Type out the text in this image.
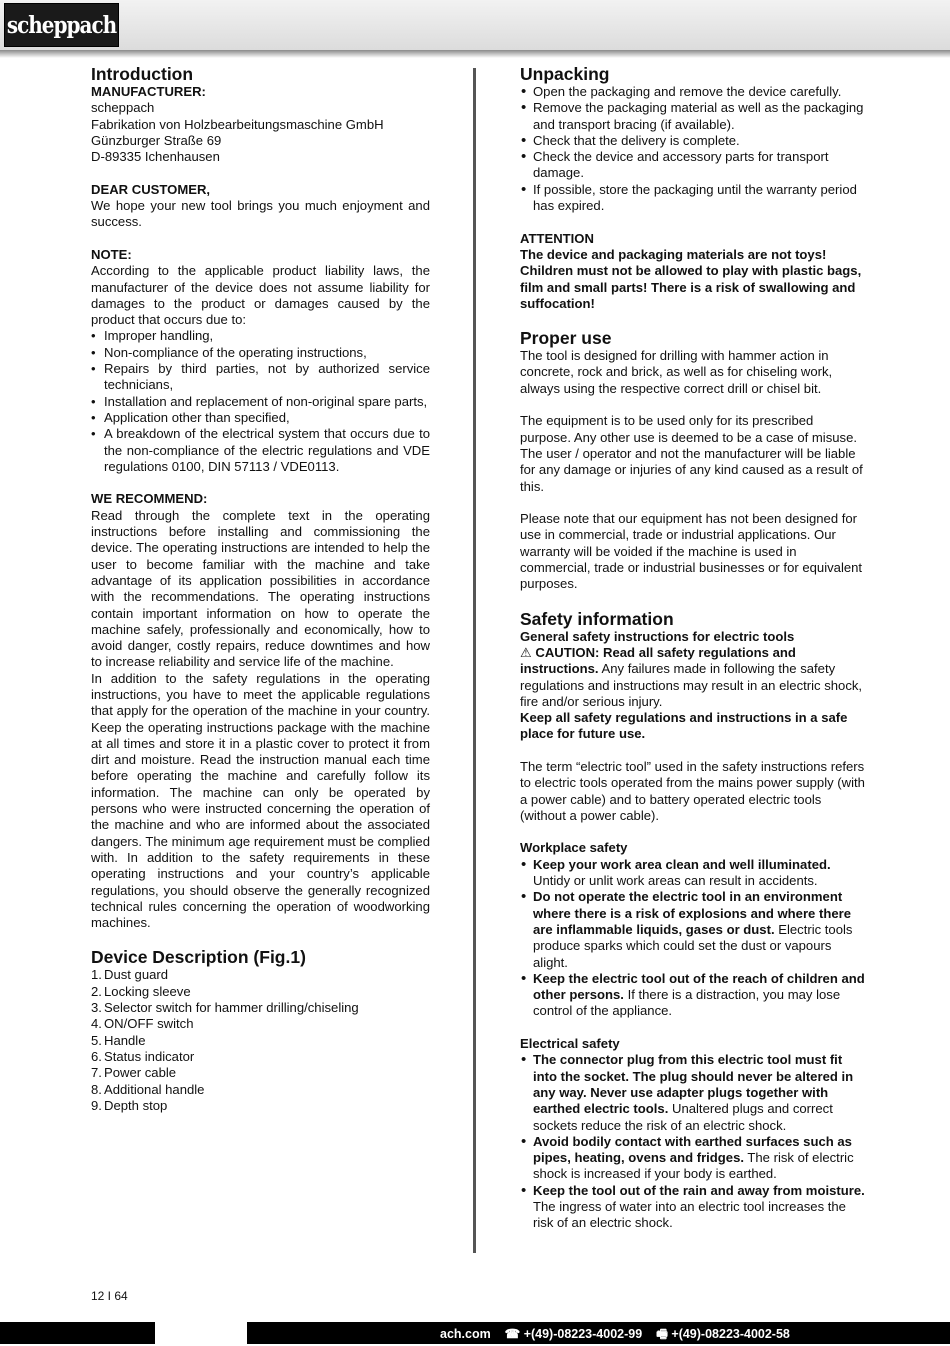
scheppach
Introduction

MANUFACTURER:

scheppach

Fabrikation von Holzbearbeitungsmaschine GmbH

Günzburger Straße 69

D-89335 Ichenhausen

DEAR CUSTOMER,

We hope your new tool brings you much enjoyment and success.

NOTE:

According to the applicable product liability laws, the manufacturer of the device does not assume liability for damages to the product or damages caused by the product that occurs due to:

• Improper handling,
• Non-compliance of the operating instructions,
• Repairs by third parties, not by authorized service technicians,
• Installation and replacement of non-original spare parts,
• Application other than specified,
• A breakdown of the electrical system that occurs due to the non-compliance of the electric regulations and VDE regulations 0100, DIN 57113 / VDE0113.

WE RECOMMEND:

Read through the complete text in the operating instructions before installing and commissioning the device. The operating instructions are intended to help the user to become familiar with the machine and take advantage of its application possibilities in accordance with the recommendations. The operating instructions contain important information on how to operate the machine safely, professionally and economically, how to avoid danger, costly repairs, reduce downtimes and how to increase reliability and service life of the machine.

In addition to the safety regulations in the operating instructions, you have to meet the applicable regulations that apply for the operation of the machine in your country. Keep the operating instructions package with the machine at all times and store it in a plastic cover to protect it from dirt and moisture. Read the instruction manual each time before operating the machine and carefully follow its information. The machine can only be operated by persons who were instructed concerning the operation of the machine and who are informed about the associated dangers. The minimum age requirement must be complied with. In addition to the safety requirements in these operating instructions and your country’s applicable regulations, you should observe the generally recognized technical rules concerning the operation of woodworking machines.

Device Description (Fig.1)
1. Dust guard
2. Locking sleeve
3. Selector switch for hammer drilling/chiseling
4. ON/OFF switch
5. Handle
6. Status indicator
7. Power cable
8. Additional handle
9. Depth stop
Unpacking
• Open the packaging and remove the device carefully.
• Remove the packaging material as well as the packaging and transport bracing (if available).
• Check that the delivery is complete.
• Check the device and accessory parts for transport damage.
• If possible, store the packaging until the warranty period has expired.

ATTENTION

The device and packaging materials are not toys! Children must not be allowed to play with plastic bags, film and small parts! There is a risk of swallowing and suffocation!

Proper use

The tool is designed for drilling with hammer action in concrete, rock and brick, as well as for chiseling work, always using the respective correct drill or chisel bit.

The equipment is to be used only for its prescribed purpose. Any other use is deemed to be a case of misuse. The user / operator and not the manufacturer will be liable for any damage or injuries of any kind caused as a result of this.

Please note that our equipment has not been designed for use in commercial, trade or industrial applications. Our warranty will be voided if the machine is used in commercial, trade or industrial businesses or for equivalent purposes.

Safety information

General safety instructions for electric tools

⚠ CAUTION: Read all safety regulations and instructions. Any failures made in following the safety regulations and instructions may result in an electric shock, fire and/or serious injury.

Keep all safety regulations and instructions in a safe place for future use.

The term “electric tool” used in the safety instructions refers to electric tools operated from the mains power supply (with a power cable) and to battery operated electric tools (without a power cable).

Workplace safety

• Keep your work area clean and well illuminated. Untidy or unlit work areas can result in accidents.
• Do not operate the electric tool in an environment where there is a risk of explosions and where there are inflammable liquids, gases or dust. Electric tools produce sparks which could set the dust or vapours alight.
• Keep the electric tool out of the reach of children and other persons. If there is a distraction, you may lose control of the appliance.

Electrical safety

• The connector plug from this electric tool must fit into the socket. The plug should never be altered in any way. Never use adapter plugs together with earthed electric tools. Unaltered plugs and correct sockets reduce the risk of an electric shock.
• Avoid bodily contact with earthed surfaces such as pipes, heating, ovens and fridges. The risk of electric shock is increased if your body is earthed.
• Keep the tool out of the rain and away from moisture. The ingress of water into an electric tool increases the risk of an electric shock.
12 I 64
ach.com ☎ +(49)-08223-4002-99 🖷 +(49)-08223-4002-58
